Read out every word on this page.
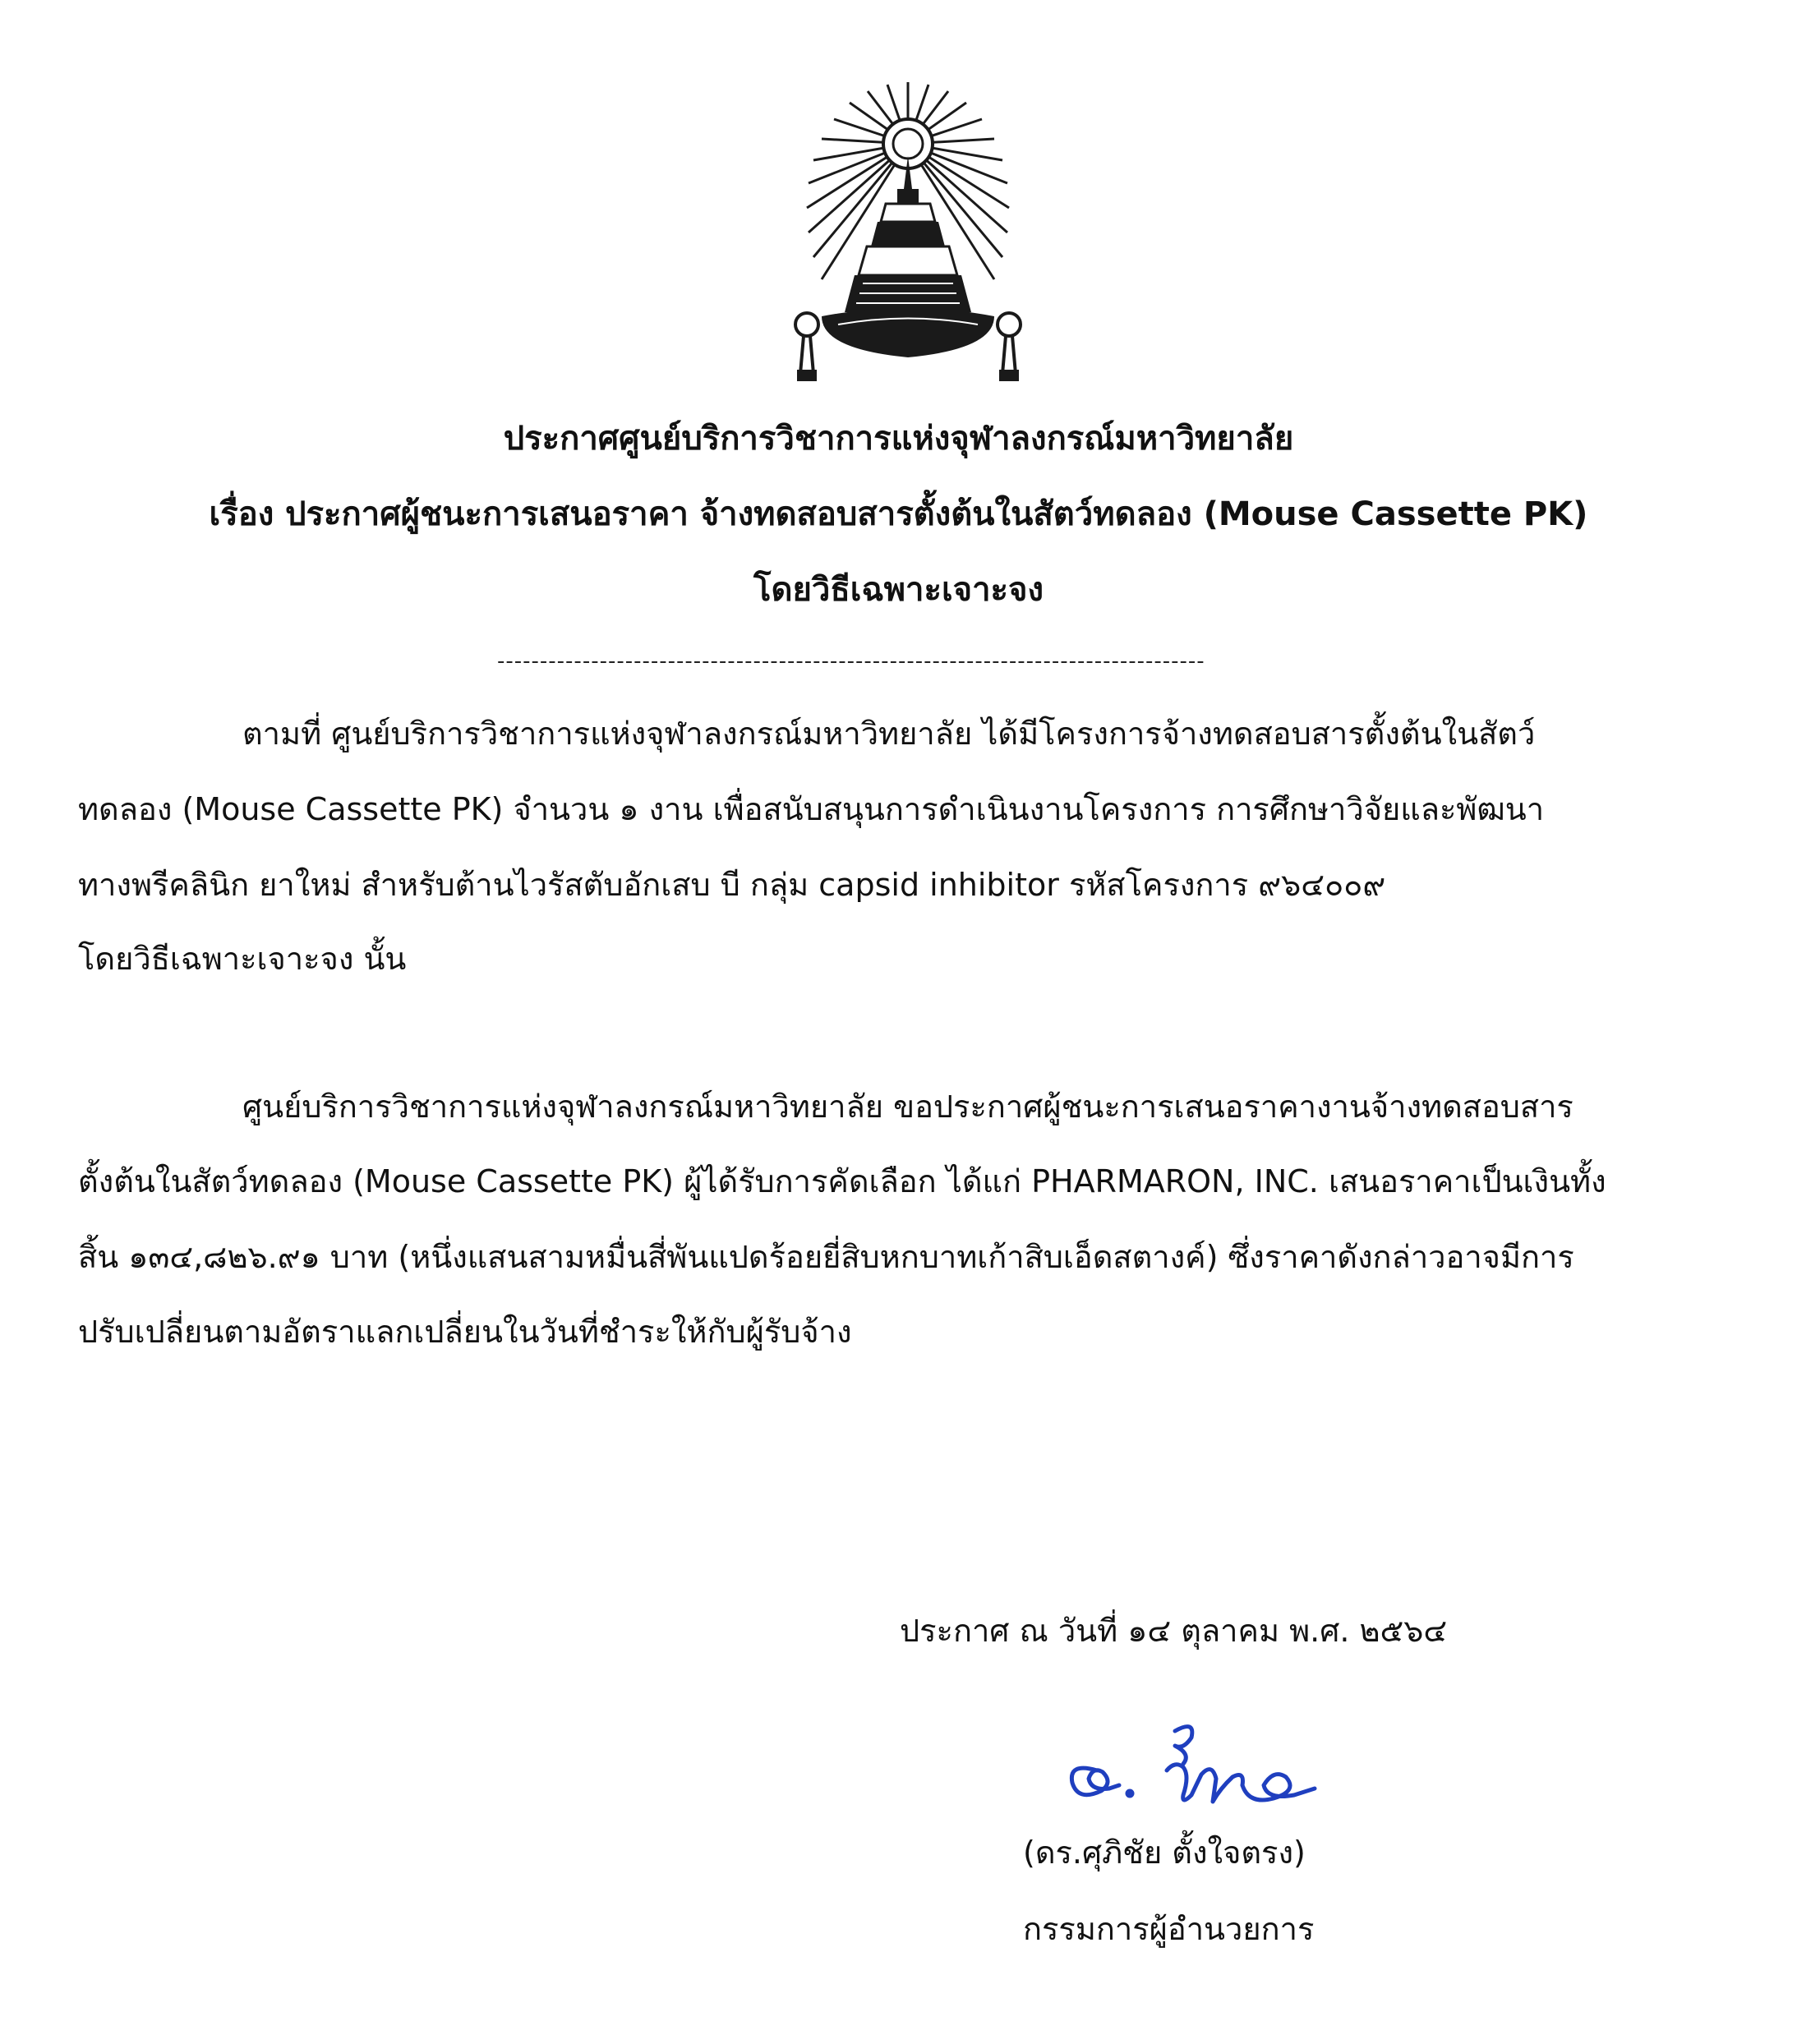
ประกาศศูนย์บริการวิชาการแห่งจุฬาลงกรณ์มหาวิทยาลัย
เรื่อง ประกาศผู้ชนะการเสนอราคา จ้างทดสอบสารตั้งต้นในสัตว์ทดลอง (Mouse Cassette PK)
โดยวิธีเฉพาะเจาะจง
-----------------------------------------------------------------------------------
ตามที่ ศูนย์บริการวิชาการแห่งจุฬาลงกรณ์มหาวิทยาลัย ได้มีโครงการจ้างทดสอบสารตั้งต้นในสัตว์
ทดลอง (Mouse Cassette PK) จำนวน ๑ งาน เพื่อสนับสนุนการดำเนินงานโครงการ การศึกษาวิจัยและพัฒนา
ทางพรีคลินิก ยาใหม่ สำหรับต้านไวรัสตับอักเสบ บี กลุ่ม capsid inhibitor รหัสโครงการ ๙๖๔๐๐๙
โดยวิธีเฉพาะเจาะจง นั้น
ศูนย์บริการวิชาการแห่งจุฬาลงกรณ์มหาวิทยาลัย ขอประกาศผู้ชนะการเสนอราคางานจ้างทดสอบสาร
ตั้งต้นในสัตว์ทดลอง (Mouse Cassette PK) ผู้ได้รับการคัดเลือก ได้แก่ PHARMARON, INC. เสนอราคาเป็นเงินทั้ง
สิ้น ๑๓๔,๘๒๖.๙๑ บาท (หนึ่งแสนสามหมื่นสี่พันแปดร้อยยี่สิบหกบาทเก้าสิบเอ็ดสตางค์) ซึ่งราคาดังกล่าวอาจมีการ
ปรับเปลี่ยนตามอัตราแลกเปลี่ยนในวันที่ชำระให้กับผู้รับจ้าง
ประกาศ ณ วันที่ ๑๔ ตุลาคม พ.ศ. ๒๕๖๔
(ดร.ศุภิชัย ตั้งใจตรง)
กรรมการผู้อำนวยการ
